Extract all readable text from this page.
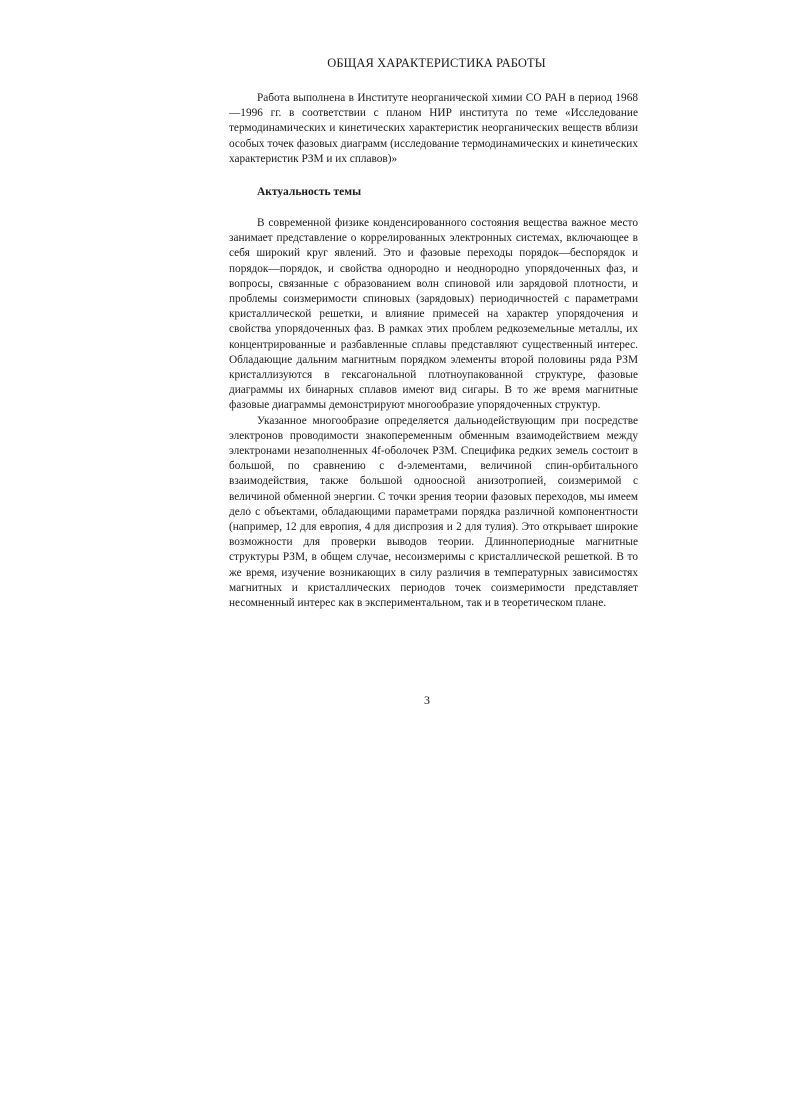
ОБЩАЯ ХАРАКТЕРИСТИКА РАБОТЫ

Работа выполнена в Институте неорганической химии СО РАН в период 1968—1996 гг. в соответствии с планом НИР института по теме «Исследование термодинамических и кинетических характеристик неорганических веществ вблизи особых точек фазовых диаграмм (исследование термодинамических и кинетических характеристик РЗМ и их сплавов)»

Актуальность темы

В современной физике конденсированного состояния вещества важное место занимает представление о коррелированных электронных системах, включающее в себя широкий круг явлений. Это и фазовые переходы порядок—беспорядок и порядок—порядок, и свойства однородно и неоднородно упорядоченных фаз, и вопросы, связанные с образованием волн спиновой или зарядовой плотности, и проблемы соизмеримости спиновых (зарядовых) периодичностей с параметрами кристаллической решетки, и влияние примесей на характер упорядочения и свойства упорядоченных фаз. В рамках этих проблем редкоземельные металлы, их концентрированные и разбавленные сплавы представляют существенный интерес. Обладающие дальним магнитным порядком элементы второй половины ряда РЗМ кристаллизуются в гексагональной плотноупакованной структуре, фазовые диаграммы их бинарных сплавов имеют вид сигары. В то же время магнитные фазовые диаграммы демонстрируют многообразие упорядоченных структур.

Указанное многообразие определяется дальнодействующим при посредстве электронов проводимости знакопеременным обменным взаимодействием между электронами незаполненных 4f-оболочек РЗМ. Специфика редких земель состоит в большой, по сравнению с d-элементами, величиной спин-орбитального взаимодействия, также большой одноосной анизотропией, соизмеримой с величиной обменной энергии. С точки зрения теории фазовых переходов, мы имеем дело с объектами, обладающими параметрами порядка различной компонентности (например, 12 для европия, 4 для диспрозия и 2 для тулия). Это открывает широкие возможности для проверки выводов теории. Длиннопериодные магнитные структуры РЗМ, в общем случае, несоизмеримы с кристаллической решеткой. В то же время, изучение возникающих в силу различия в температурных зависимостях магнитных и кристаллических периодов точек соизмеримости представляет несомненный интерес как в экспериментальном, так и в теоретическом плане.

3
